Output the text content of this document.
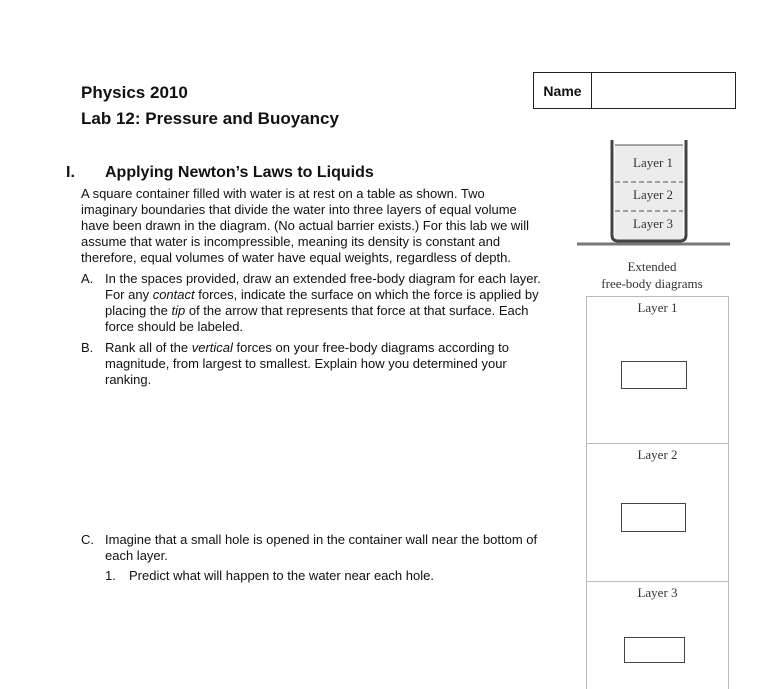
Physics 2010
Lab 12: Pressure and Buoyancy
Name
I. Applying Newton’s Laws to Liquids
A square container filled with water is at rest on a table as shown. Two
imaginary boundaries that divide the water into three layers of equal volume
have been drawn in the diagram. (No actual barrier exists.) For this lab we will
assume that water is incompressible, meaning its density is constant and
therefore, equal volumes of water have equal weights, regardless of depth.
A. In the spaces provided, draw an extended free-body diagram for each layer.
For any contact forces, indicate the surface on which the force is applied by
placing the tip of the arrow that represents that force at that surface. Each
force should be labeled.
B. Rank all of the vertical forces on your free-body diagrams according to
magnitude, from largest to smallest. Explain how you determined your
ranking.
C. Imagine that a small hole is opened in the container wall near the bottom of
each layer.
1. Predict what will happen to the water near each hole.
Layer 1
Layer 2
Layer 3
Extended
free-body diagrams
Layer 1
Layer 2
Layer 3
